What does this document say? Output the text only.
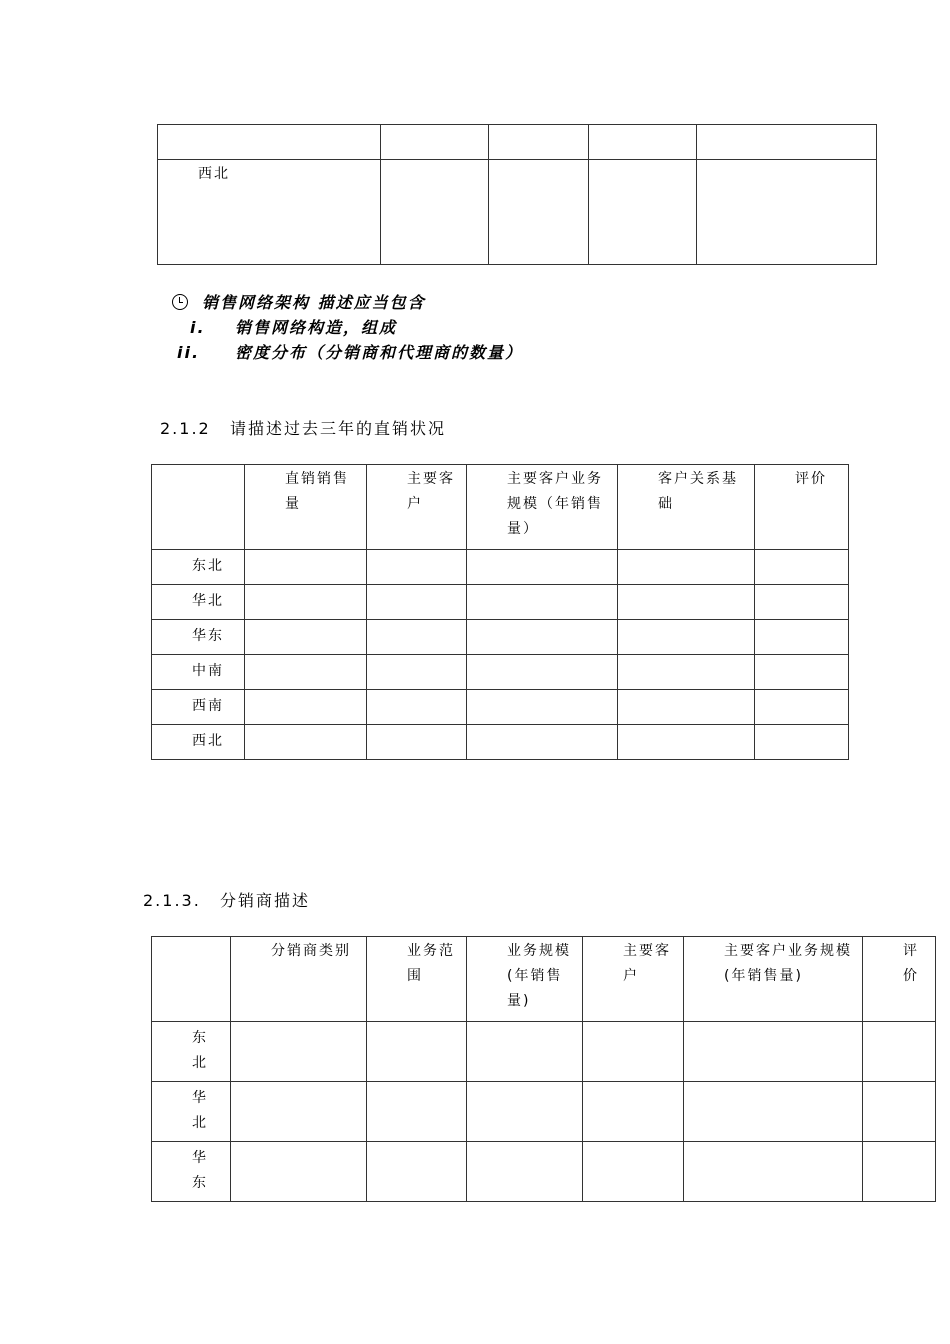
西北				
销售网络架构 描述应当包含
i. 销售网络构造，组成
ii. 密度分布（分销商和代理商的数量）
2.1.2 请描述过去三年的直销状况
	直销销售量	主要客户	主要客户业务规模（年销售量）	客户关系基础	评价
东北					
华北					
华东					
中南					
西南					
西北					
2.1.3. 分销商描述
	分销商类别	业务范围	业务规模(年销售量)	主要客户	主要客户业务规模(年销售量)	评价
东北						
华北						
华东						
